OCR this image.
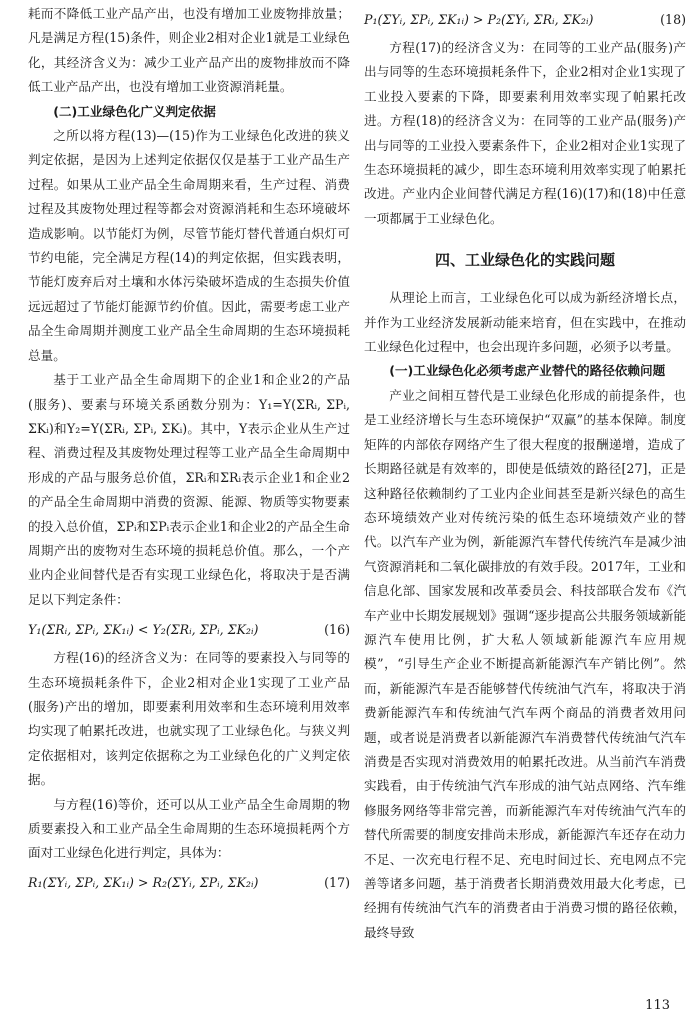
耗而不降低工业产品产出，也没有增加工业废物排放量；凡是满足方程(15)条件，则企业2相对企业1就是工业绿色化，其经济含义为：减少工业产品产出的废物排放而不降低工业产品产出，也没有增加工业资源消耗量。

(二)工业绿色化广义判定依据

之所以将方程(13)—(15)作为工业绿色化改进的狭义判定依据，是因为上述判定依据仅仅是基于工业产品生产过程。如果从工业产品全生命周期来看，生产过程、消费过程及其废物处理过程等都会对资源消耗和生态环境破坏造成影响。以节能灯为例，尽管节能灯替代普通白炽灯可节约电能，完全满足方程(14)的判定依据，但实践表明，节能灯废弃后对土壤和水体污染破坏造成的生态损失价值远远超过了节能灯能源节约价值。因此，需要考虑工业产品全生命周期并测度工业产品全生命周期的生态环境损耗总量。

基于工业产品全生命周期下的企业1和企业2的产品(服务)、要素与环境关系函数分别为：Y₁=Y(ΣRᵢ, ΣPᵢ, ΣKᵢ)和Y₂=Y(ΣRᵢ, ΣPᵢ, ΣKᵢ)。其中，Y表示企业从生产过程、消费过程及其废物处理过程等工业产品全生命周期中形成的产品与服务总价值，ΣRᵢ和ΣRᵢ表示企业1和企业2的产品全生命周期中消费的资源、能源、物质等实物要素的投入总价值，ΣPᵢ和ΣPᵢ表示企业1和企业2的产品全生命周期产出的废物对生态环境的损耗总价值。那么，一个产业内企业间替代是否有实现工业绿色化，将取决于是否满足以下判定条件：

Y₁(ΣRᵢ, ΣPᵢ, ΣK₁ᵢ) < Y₂(ΣRᵢ, ΣPᵢ, ΣK₂ᵢ)	(16)

方程(16)的经济含义为：在同等的要素投入与同等的生态环境损耗条件下，企业2相对企业1实现了工业产品(服务)产出的增加，即要素利用效率和生态环境利用效率均实现了帕累托改进，也就实现了工业绿色化。与狭义判定依据相对，该判定依据称之为工业绿色化的广义判定依据。

与方程(16)等价，还可以从工业产品全生命周期的物质要素投入和工业产品全生命周期的生态环境损耗两个方面对工业绿色化进行判定，具体为：

R₁(ΣYᵢ, ΣPᵢ, ΣK₁ᵢ) > R₂(ΣYᵢ, ΣPᵢ, ΣK₂ᵢ)	(17)
P₁(ΣYᵢ, ΣPᵢ, ΣK₁ᵢ) > P₂(ΣYᵢ, ΣRᵢ, ΣK₂ᵢ)	(18)

方程(17)的经济含义为：在同等的工业产品(服务)产出与同等的生态环境损耗条件下，企业2相对企业1实现了工业投入要素的下降，即要素利用效率实现了帕累托改进。方程(18)的经济含义为：在同等的工业产品(服务)产出与同等的工业投入要素条件下，企业2相对企业1实现了生态环境损耗的减少，即生态环境利用效率实现了帕累托改进。产业内企业间替代满足方程(16)(17)和(18)中任意一项都属于工业绿色化。

四、工业绿色化的实践问题

从理论上而言，工业绿色化可以成为新经济增长点，并作为工业经济发展新动能来培育，但在实践中，在推动工业绿色化过程中，也会出现许多问题，必须予以考量。

(一)工业绿色化必须考虑产业替代的路径依赖问题

产业之间相互替代是工业绿色化形成的前提条件，也是工业经济增长与生态环境保护“双赢”的基本保障。制度矩阵的内部依存网络产生了很大程度的报酬递增，造成了长期路径就是有效率的，即使是低绩效的路径[27]，正是这种路径依赖制约了工业内企业间甚至是新兴绿色的高生态环境绩效产业对传统污染的低生态环境绩效产业的替代。以汽车产业为例，新能源汽车替代传统汽车是减少油气资源消耗和二氧化碳排放的有效手段。2017年，工业和信息化部、国家发展和改革委员会、科技部联合发布《汽车产业中长期发展规划》强调“逐步提高公共服务领域新能源汽车使用比例，扩大私人领域新能源汽车应用规模”，“引导生产企业不断提高新能源汽车产销比例”。然而，新能源汽车是否能够替代传统油气汽车，将取决于消费新能源汽车和传统油气汽车两个商品的消费者效用问题，或者说是消费者以新能源汽车消费替代传统油气汽车消费是否实现对消费效用的帕累托改进。从当前汽车消费实践看，由于传统油气汽车形成的油气站点网络、汽车维修服务网络等非常完善，而新能源汽车对传统油气汽车的替代所需要的制度安排尚未形成，新能源汽车还存在动力不足、一次充电行程不足、充电时间过长、充电网点不完善等诸多问题，基于消费者长期消费效用最大化考虑，已经拥有传统油气汽车的消费者由于消费习惯的路径依赖，最终导致

113
